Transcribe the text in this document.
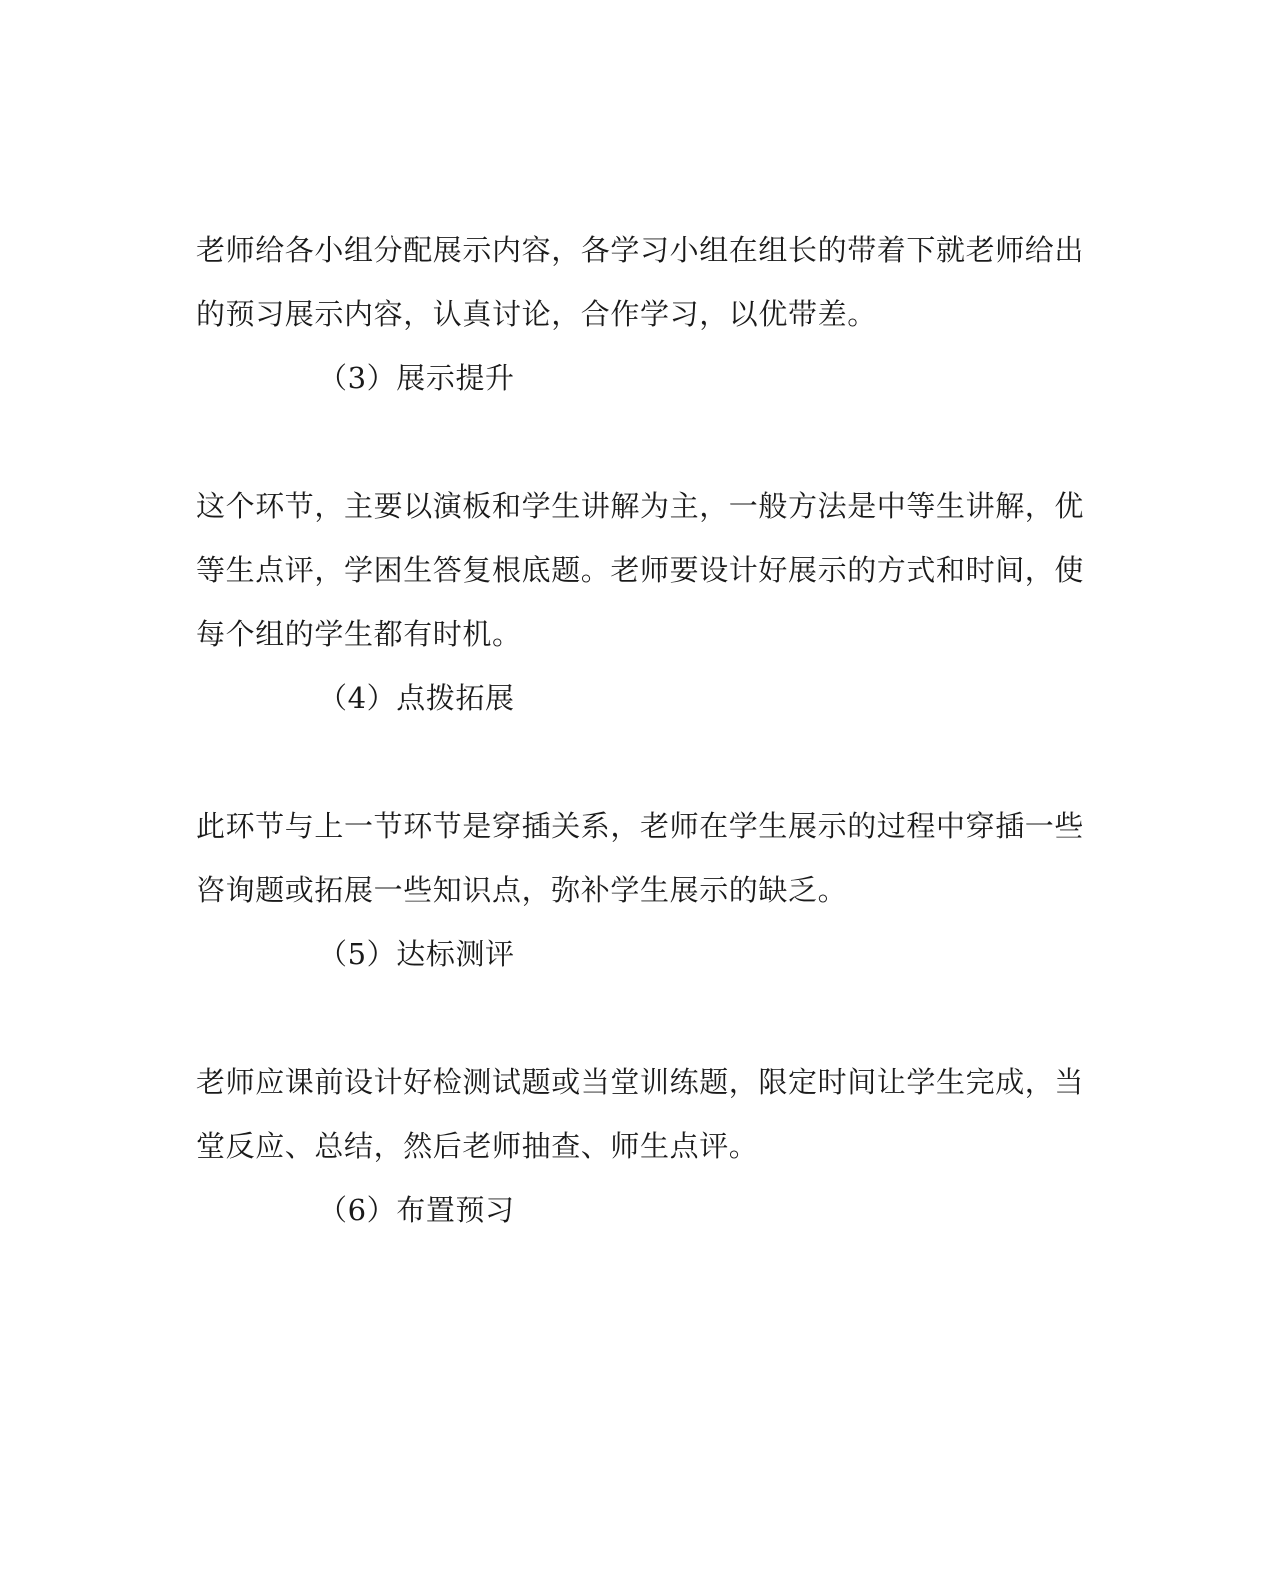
老师给各小组分配展示内容，各学习小组在组长的带着下就老师给出
的预习展示内容，认真讨论，合作学习，以优带差。
（3）展示提升
这个环节，主要以演板和学生讲解为主，一般方法是中等生讲解，优
等生点评，学困生答复根底题。老师要设计好展示的方式和时间，使
每个组的学生都有时机。
（4）点拨拓展
此环节与上一节环节是穿插关系，老师在学生展示的过程中穿插一些
咨询题或拓展一些知识点，弥补学生展示的缺乏。
（5）达标测评
老师应课前设计好检测试题或当堂训练题，限定时间让学生完成，当
堂反应、总结，然后老师抽查、师生点评。
（6）布置预习
